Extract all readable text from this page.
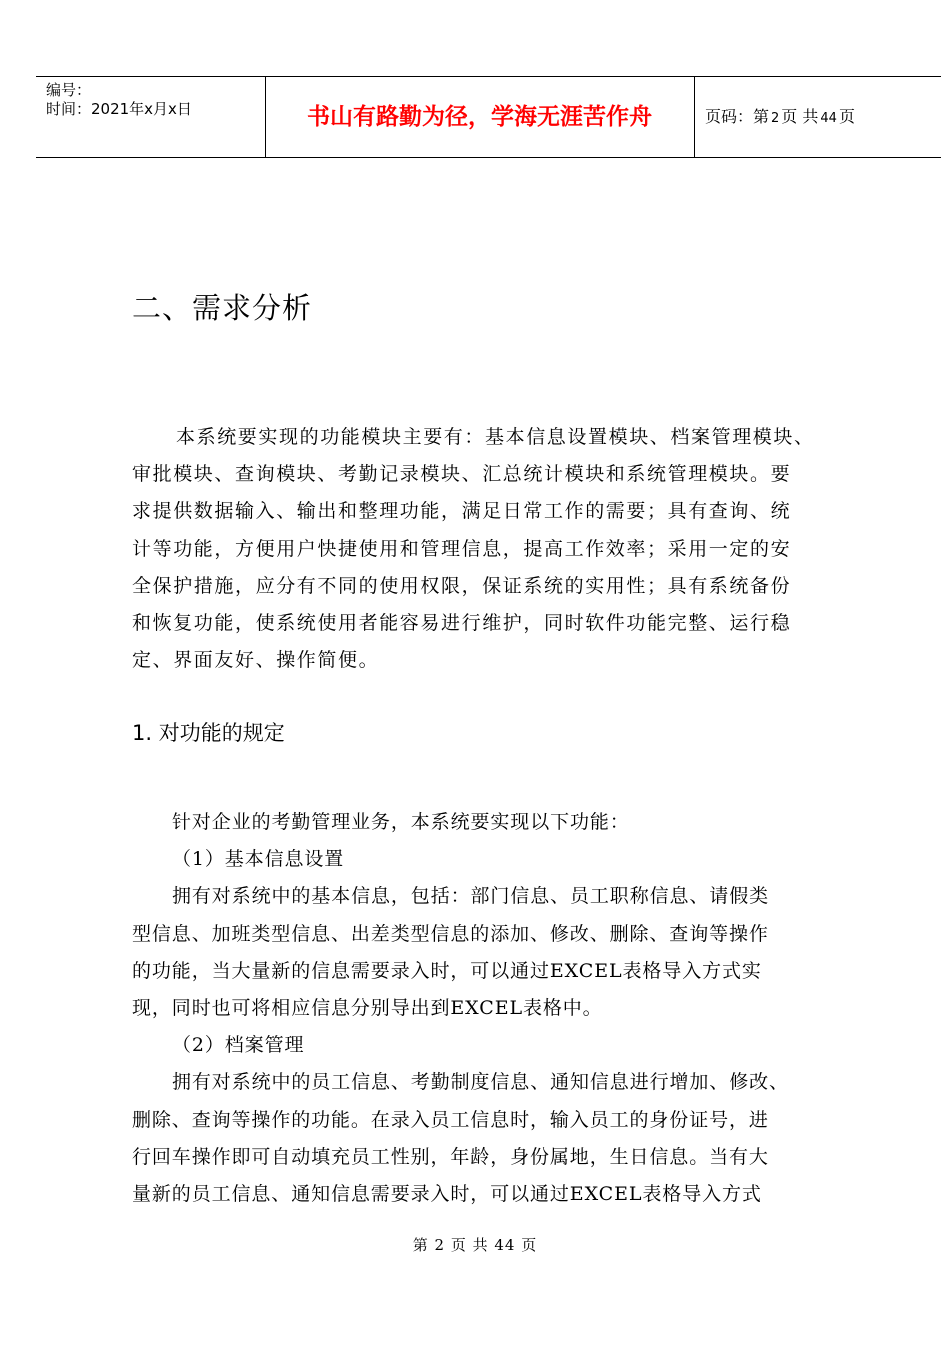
编号：
时间：2021年x月x日	书山有路勤为径，学海无涯苦作舟	页码：第 2 页 共 44 页
二、需求分析
本系统要实现的功能模块主要有：基本信息设置模块、档案管理模块、
审批模块、查询模块、考勤记录模块、汇总统计模块和系统管理模块。要
求提供数据输入、输出和整理功能，满足日常工作的需要；具有查询、统
计等功能，方便用户快捷使用和管理信息，提高工作效率；采用一定的安
全保护措施，应分有不同的使用权限，保证系统的实用性；具有系统备份
和恢复功能，使系统使用者能容易进行维护，同时软件功能完整、运行稳
定、界面友好、操作简便。
1. 对功能的规定
针对企业的考勤管理业务，本系统要实现以下功能：
（1）基本信息设置
拥有对系统中的基本信息，包括：部门信息、员工职称信息、请假类
型信息、加班类型信息、出差类型信息的添加、修改、删除、查询等操作
的功能，当大量新的信息需要录入时，可以通过EXCEL表格导入方式实
现，同时也可将相应信息分别导出到EXCEL表格中。
（2）档案管理
拥有对系统中的员工信息、考勤制度信息、通知信息进行增加、修改、
删除、查询等操作的功能。在录入员工信息时，输入员工的身份证号，进
行回车操作即可自动填充员工性别，年龄，身份属地，生日信息。当有大
量新的员工信息、通知信息需要录入时，可以通过EXCEL表格导入方式
第 2 页 共 44 页
